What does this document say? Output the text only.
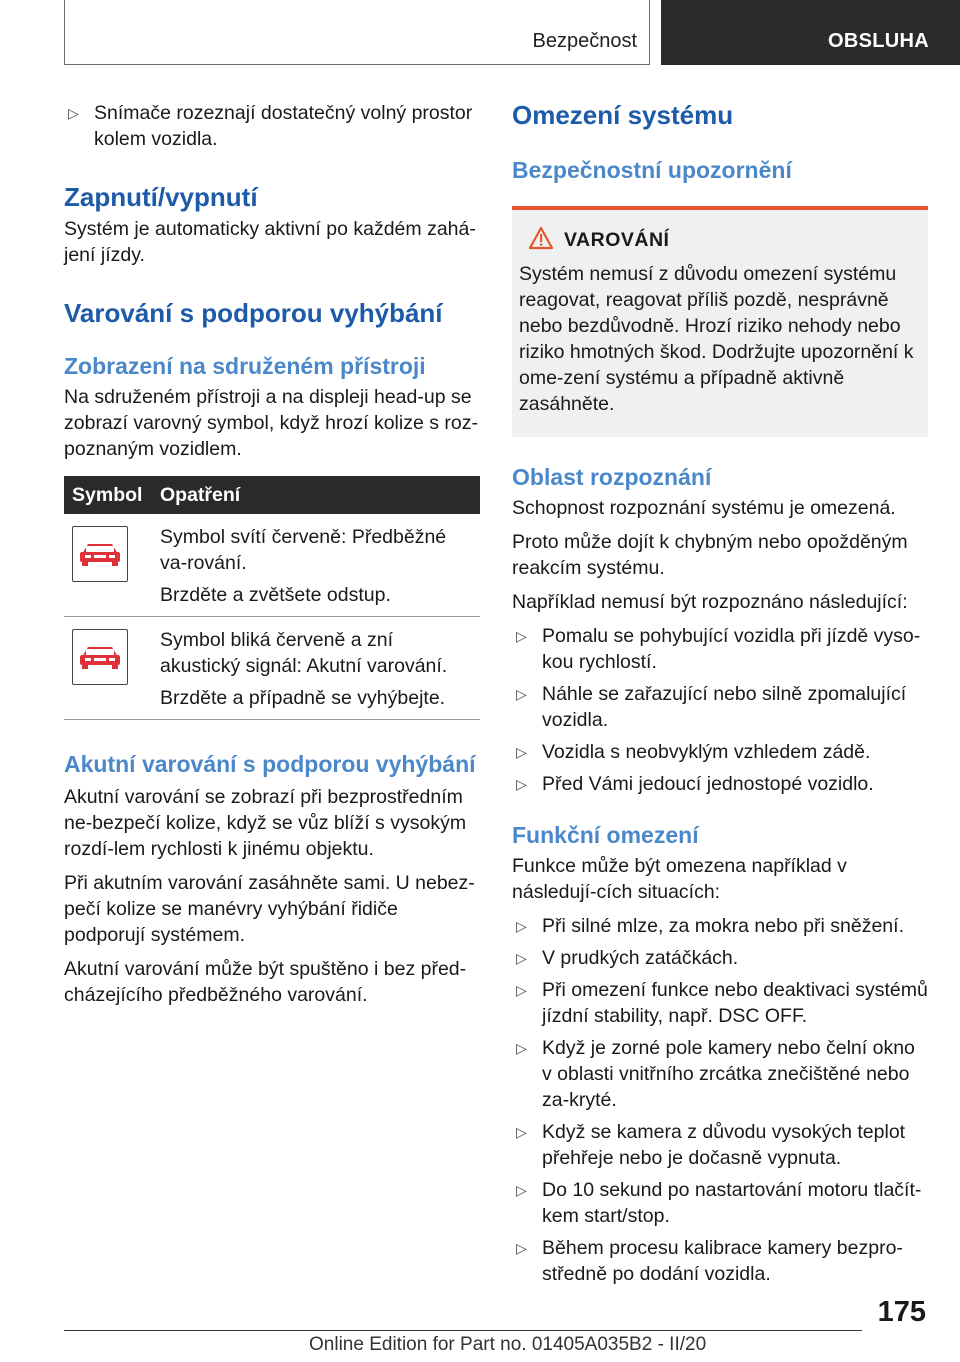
Bezpečnost	OBSLUHA
▷ Snímače rozeznají dostatečný volný prostor kolem vozidla.
Zapnutí/vypnutí

Systém je automaticky aktivní po každém zahá‐jení jízdy.

Varování s podporou vyhýbání
Zobrazení na sdruženém přístroji

Na sdruženém přístroji a na displeji head-up se zobrazí varovný symbol, když hrozí kolize s roz‐poznaným vozidlem.

Symbol	Opatření

Symbol svítí červeně: Předběžné va‐rování.
Brzděte a zvětšete odstup.

Symbol bliká červeně a zní akustický signál: Akutní varování.
Brzděte a případně se vyhýbejte.
Akutní varování s podporou vyhýbání

Akutní varování se zobrazí při bezprostředním ne‐bezpečí kolize, když se vůz blíží s vysokým rozdí‐lem rychlosti k jinému objektu.

Při akutním varování zasáhněte sami. U nebez‐pečí kolize se manévry vyhýbání řidiče podporují systémem.

Akutní varování může být spuštěno i bez před‐cházejícího předběžného varování.

Omezení systému
Bezpečnostní upozornění
VAROVÁNÍ

Systém nemusí z důvodu omezení systému reagovat, reagovat příliš pozdě, nesprávně nebo bezdůvodně. Hrozí riziko nehody nebo riziko hmotných škod. Dodržujte upozornění k ome‐zení systému a případně aktivně zasáhněte.

Oblast rozpoznání

Schopnost rozpoznání systému je omezená.

Proto může dojít k chybným nebo opožděným reakcím systému.

Například nemusí být rozpoznáno následující:

▷ Pomalu se pohybující vozidla při jízdě vyso‐kou rychlostí.
▷ Náhle se zařazující nebo silně zpomalující vozidla.
▷ Vozidla s neobvyklým vzhledem zádě.
▷ Před Vámi jedoucí jednostopé vozidlo.
Funkční omezení

Funkce může být omezena například v následují‐cích situacích:

▷ Při silné mlze, za mokra nebo při sněžení.
▷ V prudkých zatáčkách.
▷ Při omezení funkce nebo deaktivaci systémů jízdní stability, např. DSC OFF.
▷ Když je zorné pole kamery nebo čelní okno v oblasti vnitřního zrcátka znečištěné nebo za‐kryté.
▷ Když se kamera z důvodu vysokých teplot přehřeje nebo je dočasně vypnuta.
▷ Do 10 sekund po nastartování motoru tlačít‐kem start/stop.
▷ Během procesu kalibrace kamery bezpro‐středně po dodání vozidla.
175
Online Edition for Part no. 01405A035B2 - II/20
